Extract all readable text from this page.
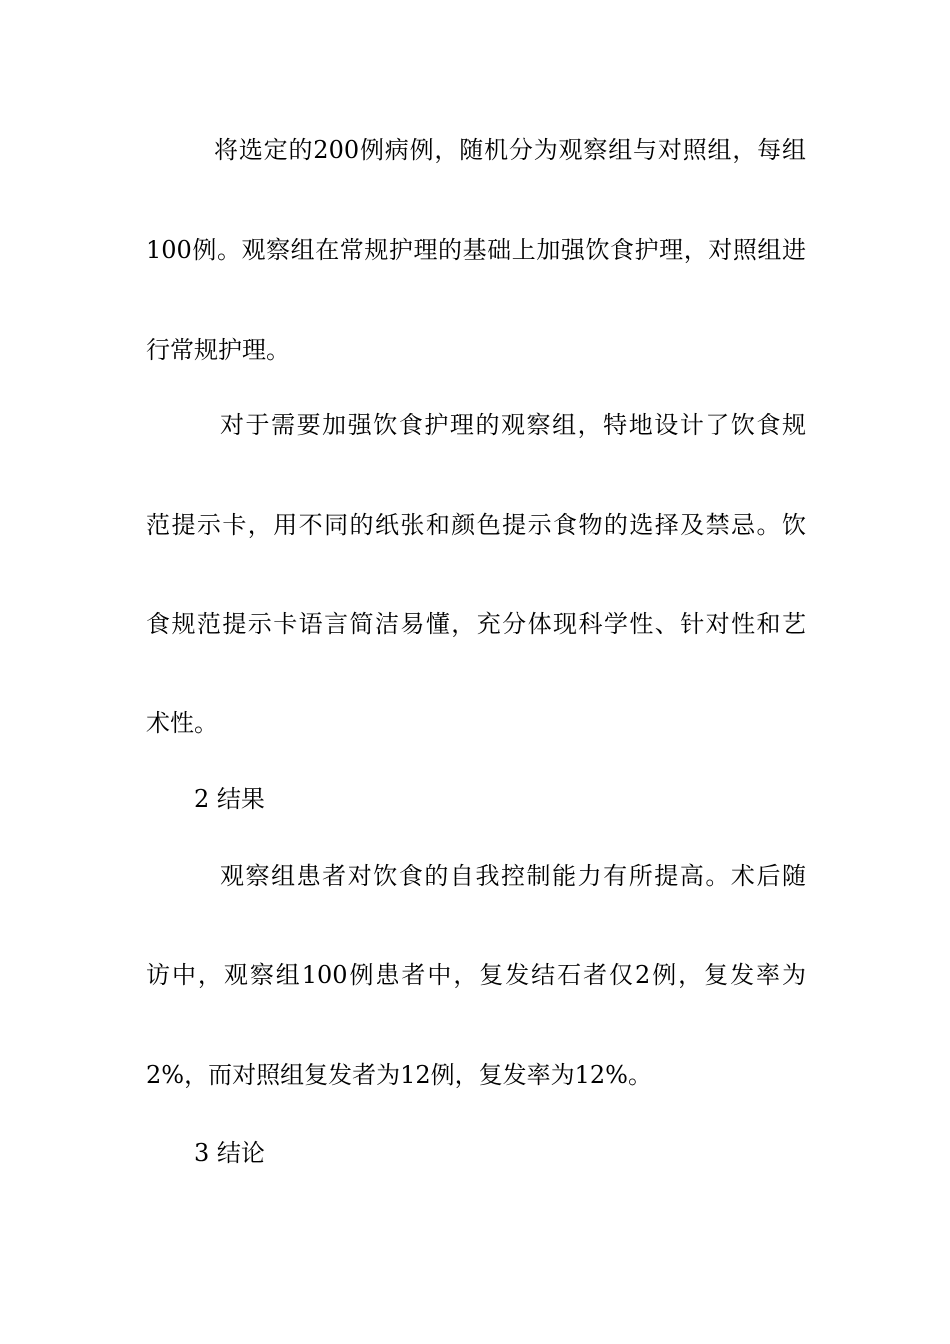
将选定的200例病例，随机分为观察组与对照组，每组
100例。观察组在常规护理的基础上加强饮食护理，对照组进
行常规护理。
对于需要加强饮食护理的观察组，特地设计了饮食规
范提示卡，用不同的纸张和颜色提示食物的选择及禁忌。饮
食规范提示卡语言简洁易懂，充分体现科学性、针对性和艺
术性。
2 结果
观察组患者对饮食的自我控制能力有所提高。术后随
访中，观察组100例患者中，复发结石者仅2例，复发率为
2%，而对照组复发者为12例，复发率为12%。
3 结论
